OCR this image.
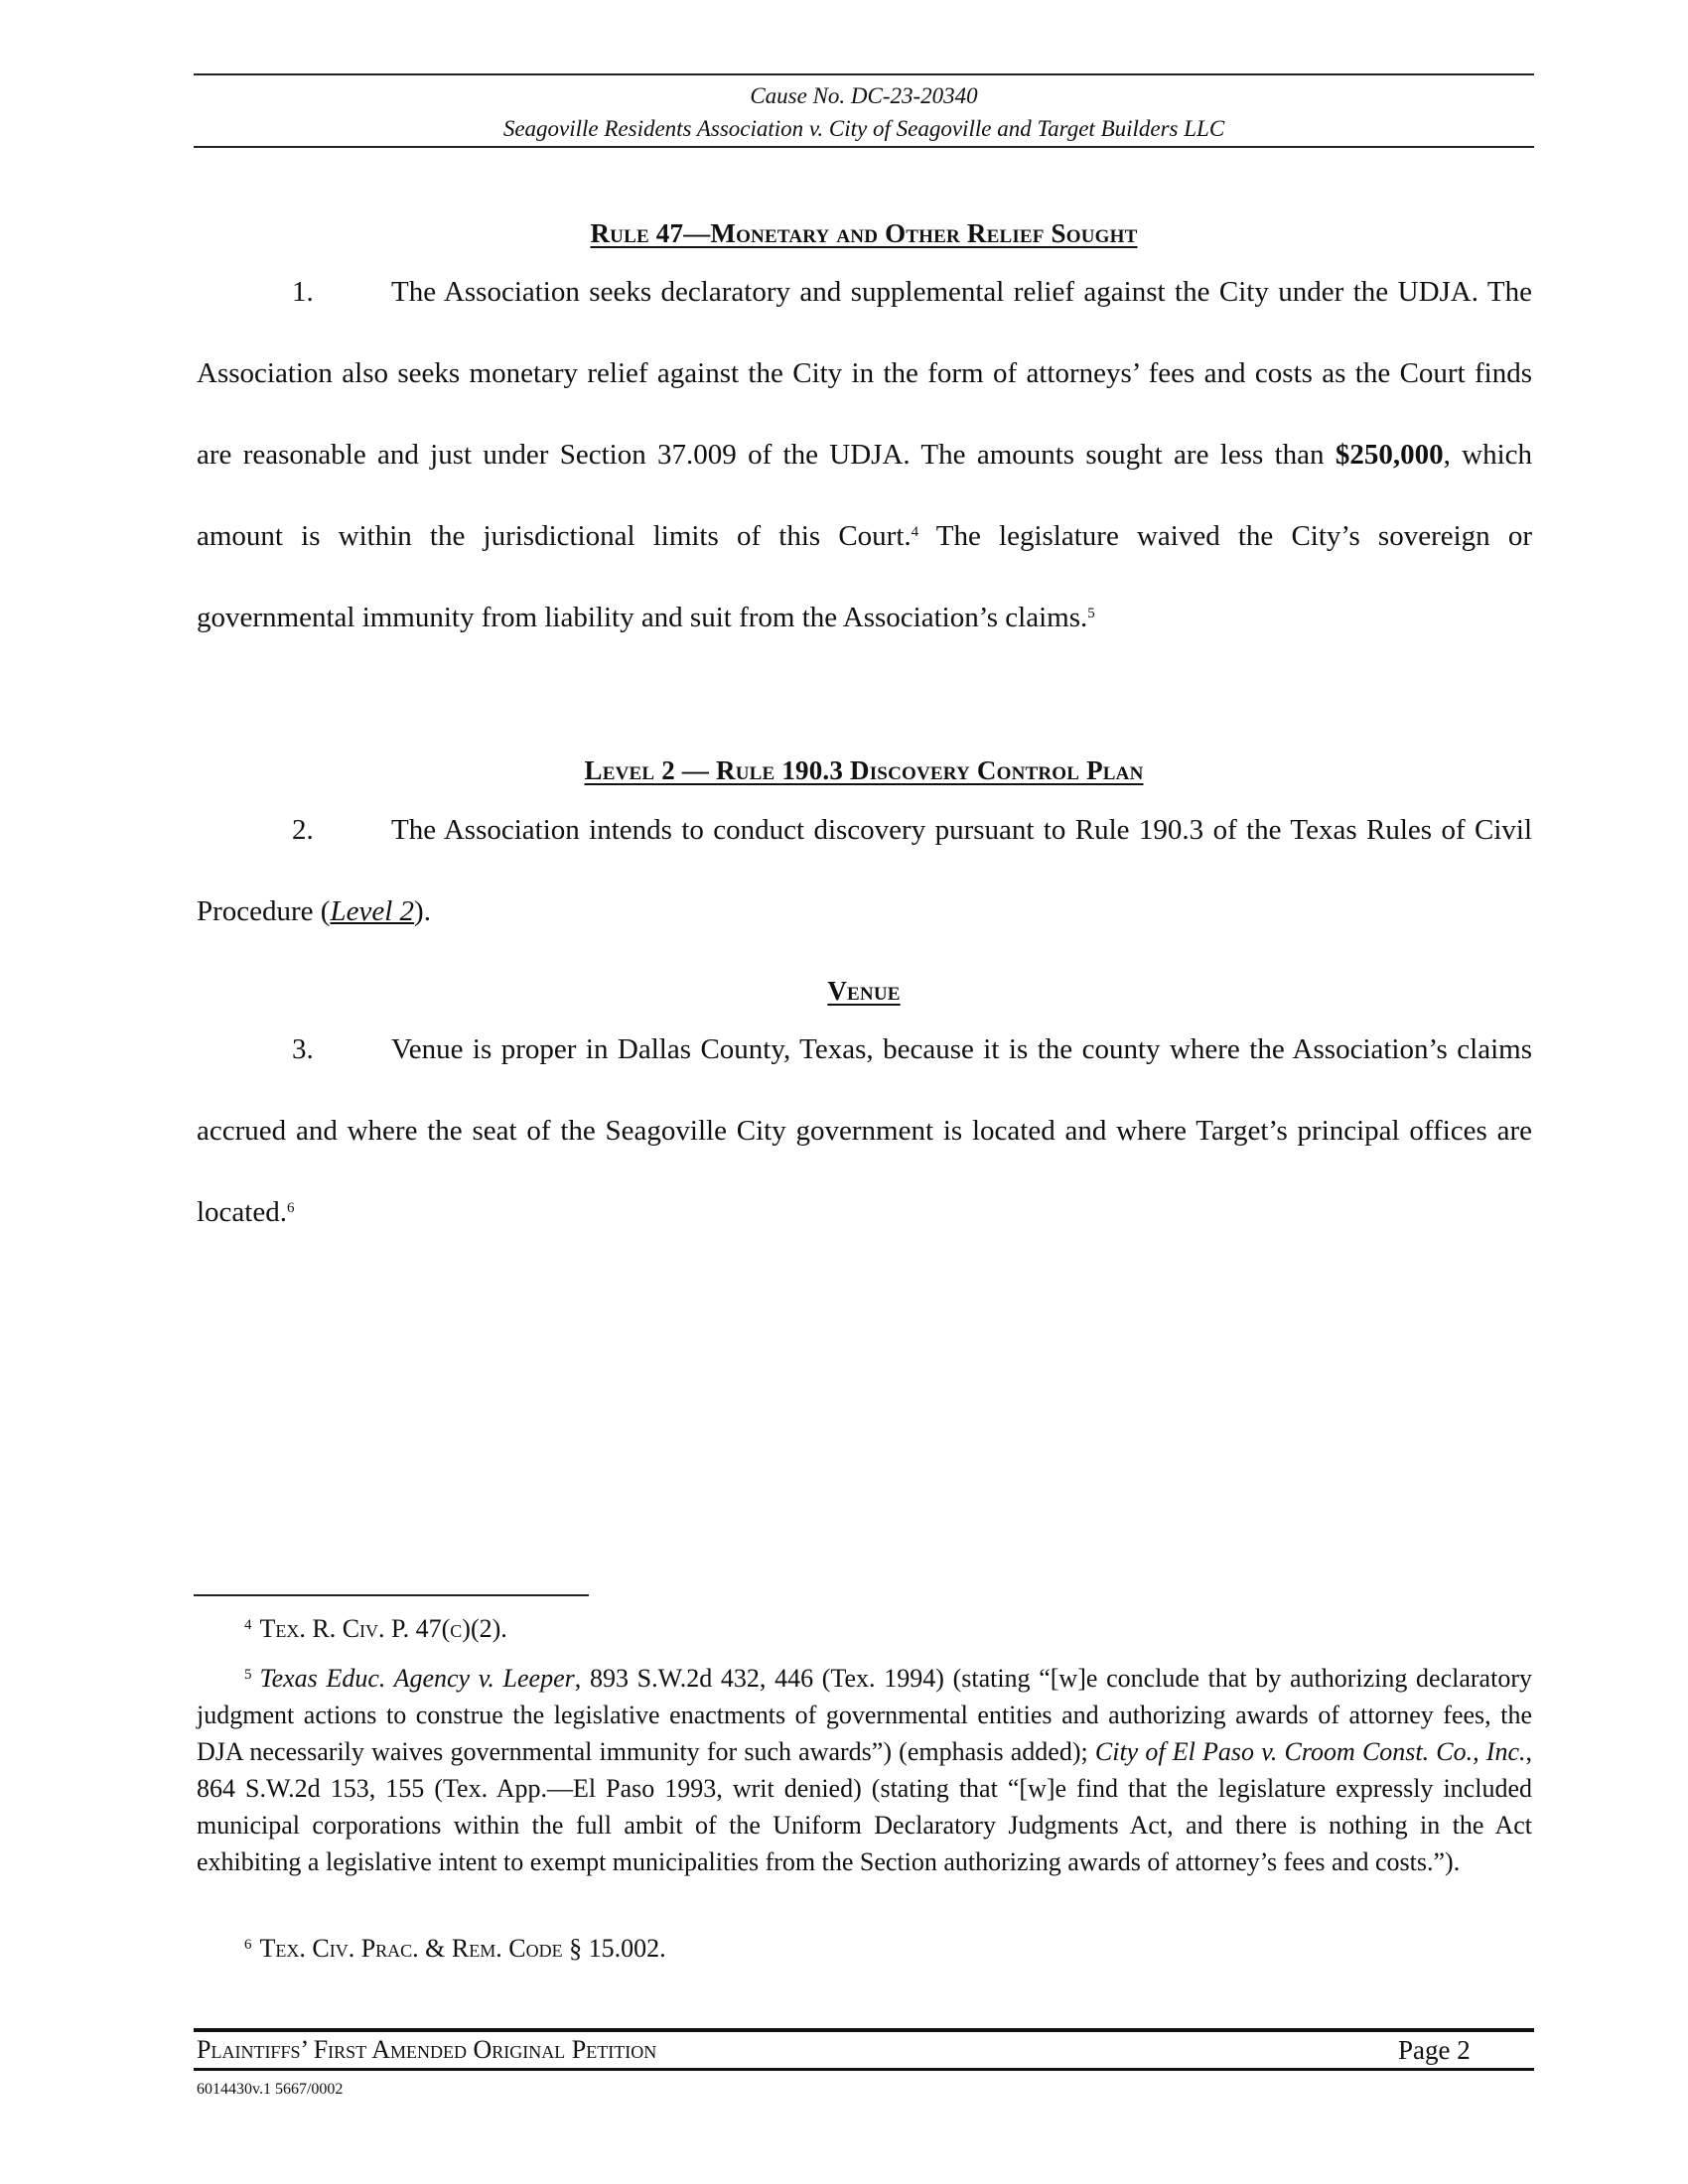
Cause No. DC-23-20340
Seagoville Residents Association v. City of Seagoville and Target Builders LLC
Rule 47—Monetary and Other Relief Sought

1.	The Association seeks declaratory and supplemental relief against the City under the UDJA. The Association also seeks monetary relief against the City in the form of attorneys’ fees and costs as the Court finds are reasonable and just under Section 37.009 of the UDJA. The amounts sought are less than $250,000, which amount is within the jurisdictional limits of this Court.$^4$ The legislature waived the City’s sovereign or governmental immunity from liability and suit from the Association’s claims.$^5$

Level 2 — Rule 190.3 Discovery Control Plan

2.	The Association intends to conduct discovery pursuant to Rule 190.3 of the Texas Rules of Civil Procedure (Level 2).

Venue

3.	Venue is proper in Dallas County, Texas, because it is the county where the Association’s claims accrued and where the seat of the Seagoville City government is located and where Target’s principal offices are located.$^6$

4 Tex. R. Civ. P. 47(c)(2).

5 Texas Educ. Agency v. Leeper, 893 S.W.2d 432, 446 (Tex. 1994) (stating “[w]e conclude that by authorizing declaratory judgment actions to construe the legislative enactments of governmental entities and authorizing awards of attorney fees, the DJA necessarily waives governmental immunity for such awards”) (emphasis added); City of El Paso v. Croom Const. Co., Inc., 864 S.W.2d 153, 155 (Tex. App.—El Paso 1993, writ denied) (stating that “[w]e find that the legislature expressly included municipal corporations within the full ambit of the Uniform Declaratory Judgments Act, and there is nothing in the Act exhibiting a legislative intent to exempt municipalities from the Section authorizing awards of attorney’s fees and costs.”).

6 Tex. Civ. Prac. & Rem. Code § 15.002.

Plaintiffs’ First Amended Original Petition	Page 2
6014430v.1 5667/0002
